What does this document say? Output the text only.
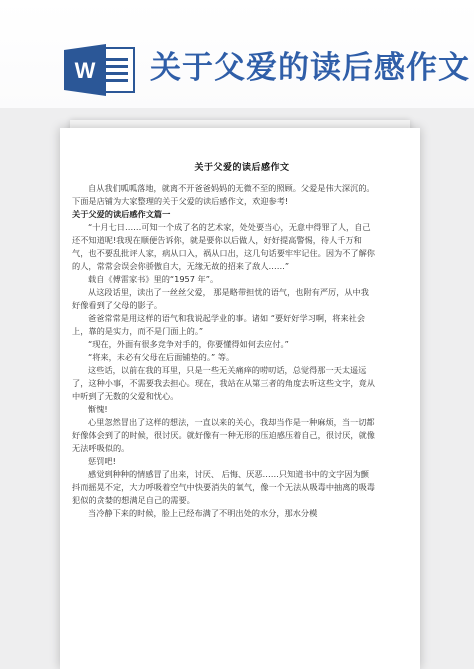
W 关于父爱的读后感作文
关于父爱的读后感作文

自从我们呱呱落地，就离不开爸爸妈妈的无微不至的照顾。父爱是伟大深沉的。下面是店铺为大家整理的关于父爱的读后感作文，欢迎参考!

关于父爱的读后感作文篇一

“十月七日……可知一个成了名的艺术家，处处要当心，无意中得罪了人，自己还不知道呢!我现在顺便告诉你，就是要你以后做人，好好提高警惕，待人千万和气，也不要乱批评人家，病从口入，祸从口出，这几句话要牢牢记住。因为不了解你的人，常常会误会你骄傲自大，无缘无故的招来了敌人……”

载自《傅雷家书》里的“1957 年”。

从这段话里，读出了一丝丝父爱， 那是略带担忧的语气，也附有严厉，从中我好像看到了父母的影子。

爸爸常常是用这样的语气和我说起学业的事。诸如 “要好好学习啊，将来社会上，靠的是实力，而不是门面上的。”

“现在，外面有很多竞争对手的，你要懂得如何去应付。”

“将来，未必有父母在后面铺垫的。” 等。

这些话，以前在我的耳里，只是一些无关痛痒的唠叨话，总觉得那一天太遥远了，这种小事，不需要我去担心。现在，我站在从第三者的角度去听这些文字，竟从中听到了无数的父爱和忧心。

惭愧!

心里忽然冒出了这样的想法，一直以来的关心，我却当作是一种麻烦，当一切都好像体会到了的时候，很讨厌。就好像有一种无形的压迫感压着自己，很讨厌，就像无法呼吸似的。

惩罚吧!

感觉到种种的情感冒了出来，讨厌、 后悔、厌恶……只知道书中的文字因为颤抖而摇晃不定，大力呼吸着空气中快要消失的氧气，像一个无法从吸毒中抽离的吸毒犯似的贪婪的想满足自己的需要。

当冷静下来的时候，脸上已经布满了不明出处的水分，那水分模
